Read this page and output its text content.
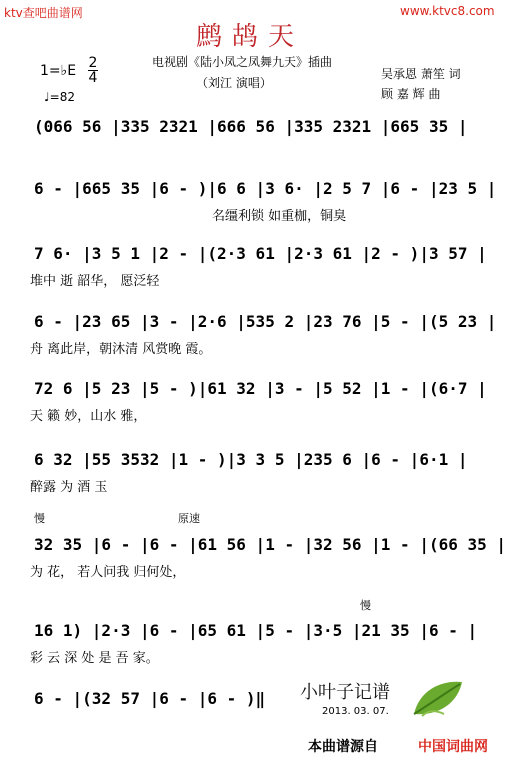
ktv查吧曲谱网	www.ktvc8.com
鹧鸪天
1=♭E 2
4
♩=82
电视剧《陆小凤之凤舞九天》插曲
（刘江 演唱）
吴承恩 萧笙 词
顾 嘉 辉 曲
(066 56 |335 2321 |666 56 |335 2321 |665 35 |
6 - |665 35 |6 - )|6 6 |3 6· |2 5 7 |6 - |23 5 |
名缰利锁 如重枷，铜臭
7 6· |3 5 1 |2 - |(2·3 61 |2·3 61 |2 - )|3 57 |
堆中 逝 韶华， 愿泛轻
6 - |23 65 |3 - |2·6 |535 2 |23 76 |5 - |(5 23 |
舟 离此岸，朝沐清 风赏晚 霞。
72 6 |5 23 |5 - )|61 32 |3 - |5 52 |1 - |(6·7 |
天 籁 妙，山水 雅，
6 32 |55 3532 |1 - )|3 3 5 |235 6 |6 - |6·1 |
醉露 为 酒 玉
慢	原速
32 35 |6 - |6 - |61 56 |1 - |32 56 |1 - |(66 35 |
为 花， 若人问我 归何处，
慢
16 1) |2·3 |6 - |65 61 |5 - |3·5 |21 35 |6 - |
彩 云 深 处 是 吾 家。
6 - |(32 57 |6 - |6 - )‖ 小叶子记谱
2013. 03. 07.
本曲谱源自	中国词曲网
